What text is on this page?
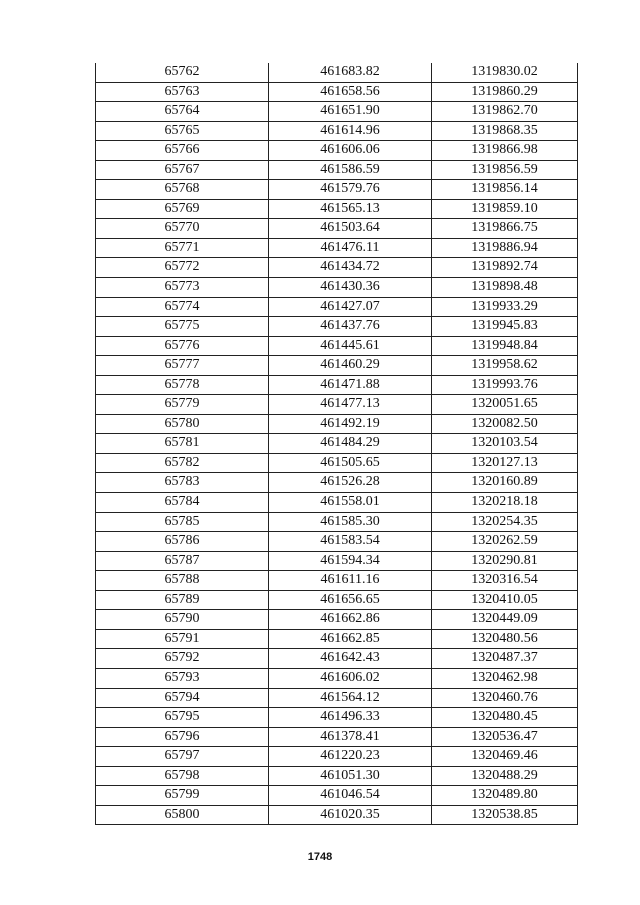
65762	461683.82	1319830.02
65763	461658.56	1319860.29
65764	461651.90	1319862.70
65765	461614.96	1319868.35
65766	461606.06	1319866.98
65767	461586.59	1319856.59
65768	461579.76	1319856.14
65769	461565.13	1319859.10
65770	461503.64	1319866.75
65771	461476.11	1319886.94
65772	461434.72	1319892.74
65773	461430.36	1319898.48
65774	461427.07	1319933.29
65775	461437.76	1319945.83
65776	461445.61	1319948.84
65777	461460.29	1319958.62
65778	461471.88	1319993.76
65779	461477.13	1320051.65
65780	461492.19	1320082.50
65781	461484.29	1320103.54
65782	461505.65	1320127.13
65783	461526.28	1320160.89
65784	461558.01	1320218.18
65785	461585.30	1320254.35
65786	461583.54	1320262.59
65787	461594.34	1320290.81
65788	461611.16	1320316.54
65789	461656.65	1320410.05
65790	461662.86	1320449.09
65791	461662.85	1320480.56
65792	461642.43	1320487.37
65793	461606.02	1320462.98
65794	461564.12	1320460.76
65795	461496.33	1320480.45
65796	461378.41	1320536.47
65797	461220.23	1320469.46
65798	461051.30	1320488.29
65799	461046.54	1320489.80
65800	461020.35	1320538.85
1748
